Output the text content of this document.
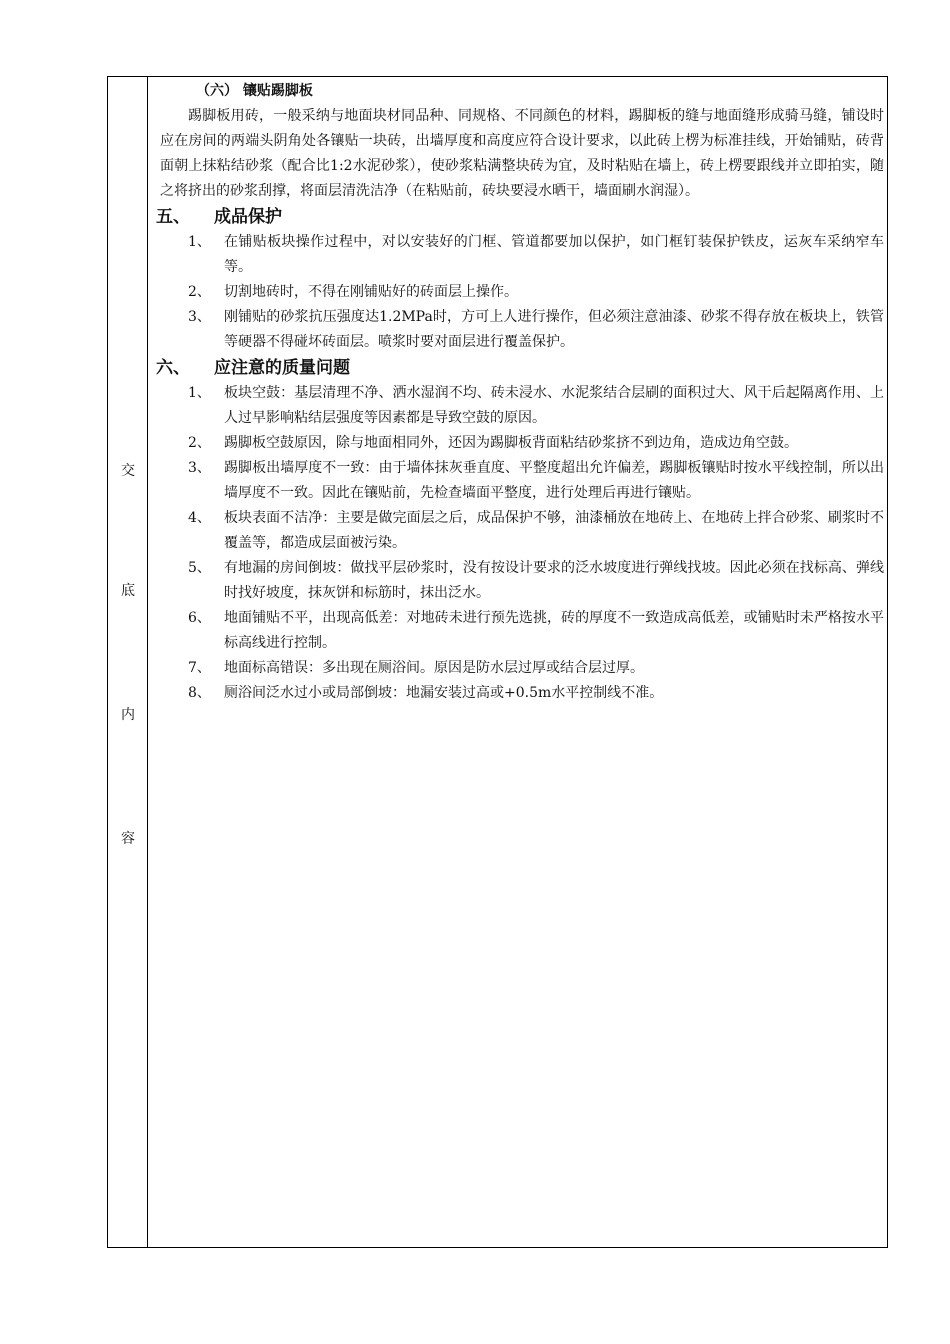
交
底
内
容
（六） 镶贴踢脚板
踢脚板用砖，一般采纳与地面块材同品种、同规格、不同颜色的材料，踢脚板的缝与地面缝形成骑马缝，铺设时应在房间的两端头阴角处各镶贴一块砖，出墙厚度和高度应符合设计要求，以此砖上楞为标准挂线，开始铺贴，砖背面朝上抹粘结砂浆（配合比1:2水泥砂浆），使砂浆粘满整块砖为宜，及时粘贴在墙上，砖上楞要跟线并立即拍实，随之将挤出的砂浆刮撑，将面层清洗洁净（在粘贴前，砖块要浸水晒干，墙面刷水润湿）。
五、	成品保护
1、 在铺贴板块操作过程中，对以安装好的门框、管道都要加以保护，如门框钉装保护铁皮，运灰车采纳窄车等。
2、 切割地砖时，不得在刚铺贴好的砖面层上操作。
3、 刚铺贴的砂浆抗压强度达1.2MPa时，方可上人进行操作，但必须注意油漆、砂浆不得存放在板块上，铁管等硬器不得碰坏砖面层。喷浆时要对面层进行覆盖保护。
六、	应注意的质量问题
1、 板块空鼓：基层清理不净、洒水湿润不均、砖未浸水、水泥浆结合层刷的面积过大、风干后起隔离作用、上人过早影响粘结层强度等因素都是导致空鼓的原因。
2、 踢脚板空鼓原因，除与地面相同外，还因为踢脚板背面粘结砂浆挤不到边角，造成边角空鼓。
3、 踢脚板出墙厚度不一致：由于墙体抹灰垂直度、平整度超出允许偏差，踢脚板镶贴时按水平线控制，所以出墙厚度不一致。因此在镶贴前，先检查墙面平整度，进行处理后再进行镶贴。
4、 板块表面不洁净：主要是做完面层之后，成品保护不够，油漆桶放在地砖上、在地砖上拌合砂浆、刷浆时不覆盖等，都造成层面被污染。
5、 有地漏的房间倒坡：做找平层砂浆时，没有按设计要求的泛水坡度进行弹线找坡。因此必须在找标高、弹线时找好坡度，抹灰饼和标筋时，抹出泛水。
6、 地面铺贴不平，出现高低差：对地砖未进行预先选挑，砖的厚度不一致造成高低差，或铺贴时未严格按水平标高线进行控制。
7、 地面标高错误：多出现在厕浴间。原因是防水层过厚或结合层过厚。
8、 厕浴间泛水过小或局部倒坡：地漏安装过高或+0.5m水平控制线不准。
